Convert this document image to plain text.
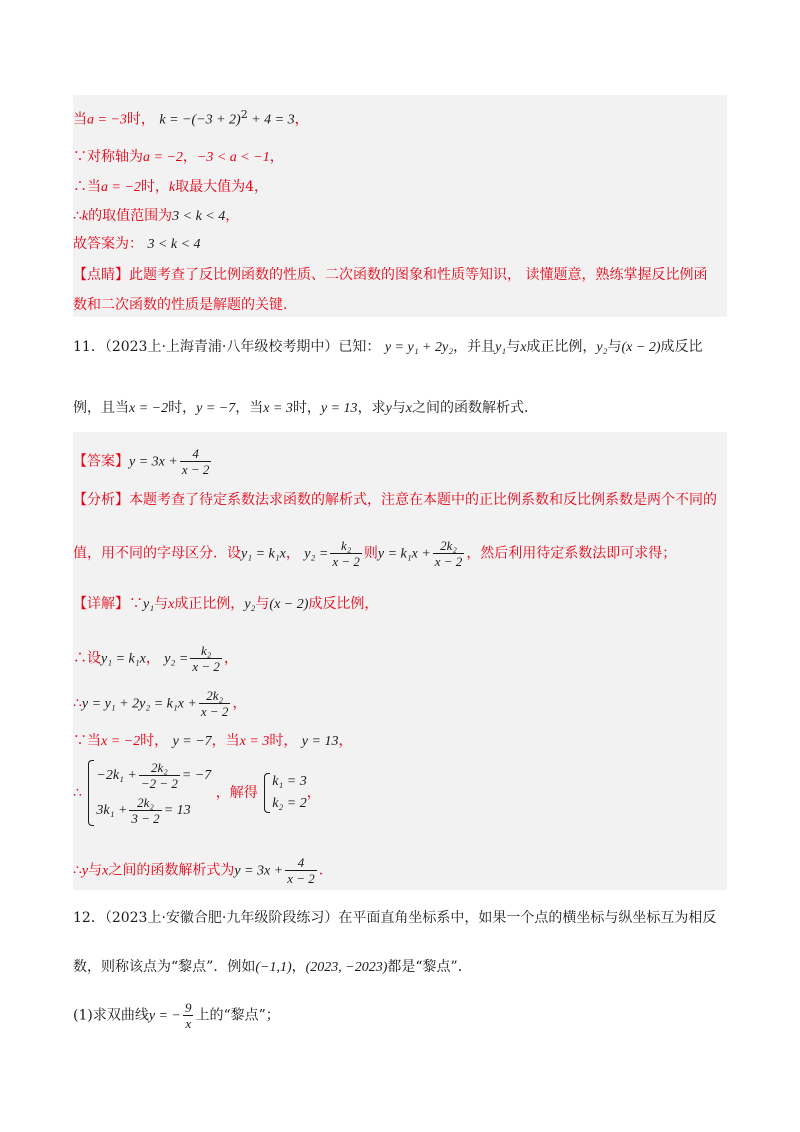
当a = −3时， $k = -(-3 + 2)^2 + 4 = 3$，
∵对称轴为a = −2，−3 < a < −1，
∴当a = −2时，k取最大值为4，
∴k的取值范围为3 < k < 4，
故答案为： 3 < k < 4
【点睛】此题考查了反比例函数的性质、二次函数的图象和性质等知识， 读懂题意，熟练掌握反比例函
数和二次函数的性质是解题的关键.
11．（2023上·上海青浦·八年级校考期中）已知： y = y₁ + 2y₂，并且y₁与x成正比例，y₂与(x − 2)成反比
例，且当x = −2时，y = −7，当x = 3时，y = 13，求y与x之间的函数解析式．
【答案】$y = 3x + \frac{4}{x - 2}$
【分析】本题考查了待定系数法求函数的解析式，注意在本题中的正比例系数和反比例系数是两个不同的
值，用不同的字母区分．设y₁ = k₁x， $y_2 = \frac{\text{k₂}}{x - 2}$ 则$y = k_1x + \frac{\text{2k₂}}{x - 2}$ ，然后利用待定系数法即可求得；
【详解】∵y₁与x成正比例，y₂与(x − 2)成反比例，
∴设y₁ = k₁x， $y_2 = \frac{\text{k₂}}{x - 2}$ ，
∴y = $y_1 + 2y_2 = k_1x + \frac{\text{2k₂}}{x - 2}$ ，
∵当x = −2时， y = −7，当x = 3时， y = 13，
∴
$-2k_1 + \frac{\text{2k₂}}{-2 - 2} = -7$
$3k_1 + \frac{\text{2k₂}}{3 - 2} = 13$
，解得
k₁ = 3
k₂ = 2
，
∴y与x之间的函数解析式为$y = 3x + \frac{4}{x - 2}$ .
12．（2023上·安徽合肥·九年级阶段练习）在平面直角坐标系中，如果一个点的横坐标与纵坐标互为相反
数，则称该点为“黎点”．例如(−1,1)，(2023, −2023)都是“黎点”．
(1)求双曲线y = − $\frac{9}{x}$ 上的“黎点”；
